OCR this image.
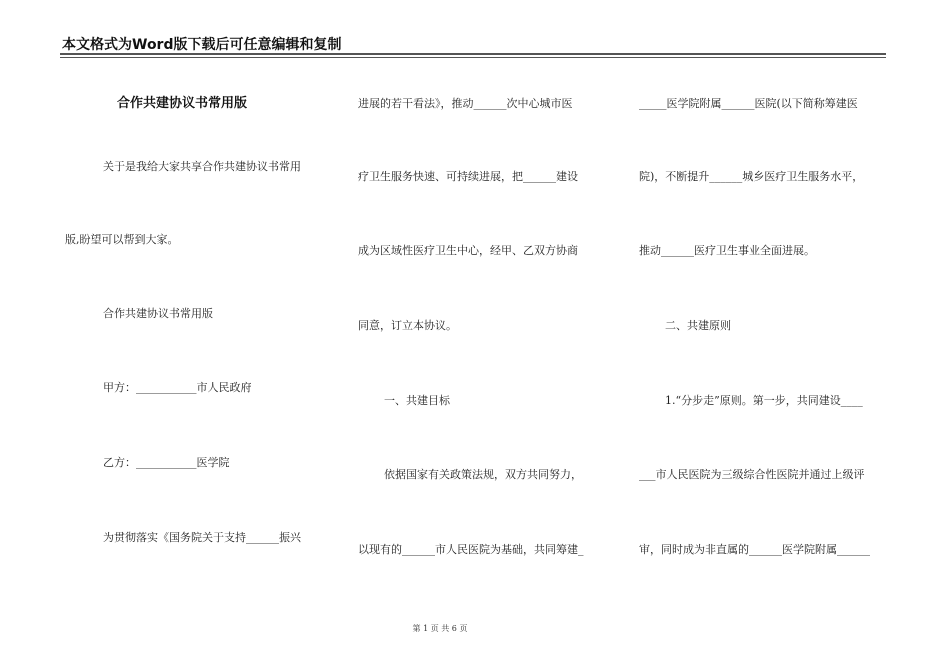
本文格式为Word版下载后可任意编辑和复制
合作共建协议书常用版
关于是我给大家共享合作共建协议书常用
版,盼望可以帮到大家。
合作共建协议书常用版
甲方：___________市人民政府
乙方：___________医学院
为贯彻落实《国务院关于支持______振兴
进展的若干看法》，推动______次中心城市医
疗卫生服务快速、可持续进展，把______建设
成为区域性医疗卫生中心，经甲、乙双方协商
同意，订立本协议。
一、共建目标
依据国家有关政策法规，双方共同努力，
以现有的______市人民医院为基础，共同筹建_
_____医学院附属______医院(以下简称筹建医
院)，不断提升______城乡医疗卫生服务水平，
推动______医疗卫生事业全面进展。
二、共建原则
1.“分步走”原则。第一步，共同建设____
___市人民医院为三级综合性医院并通过上级评
审，同时成为非直属的______医学院附属______
第 1 页 共 6 页
